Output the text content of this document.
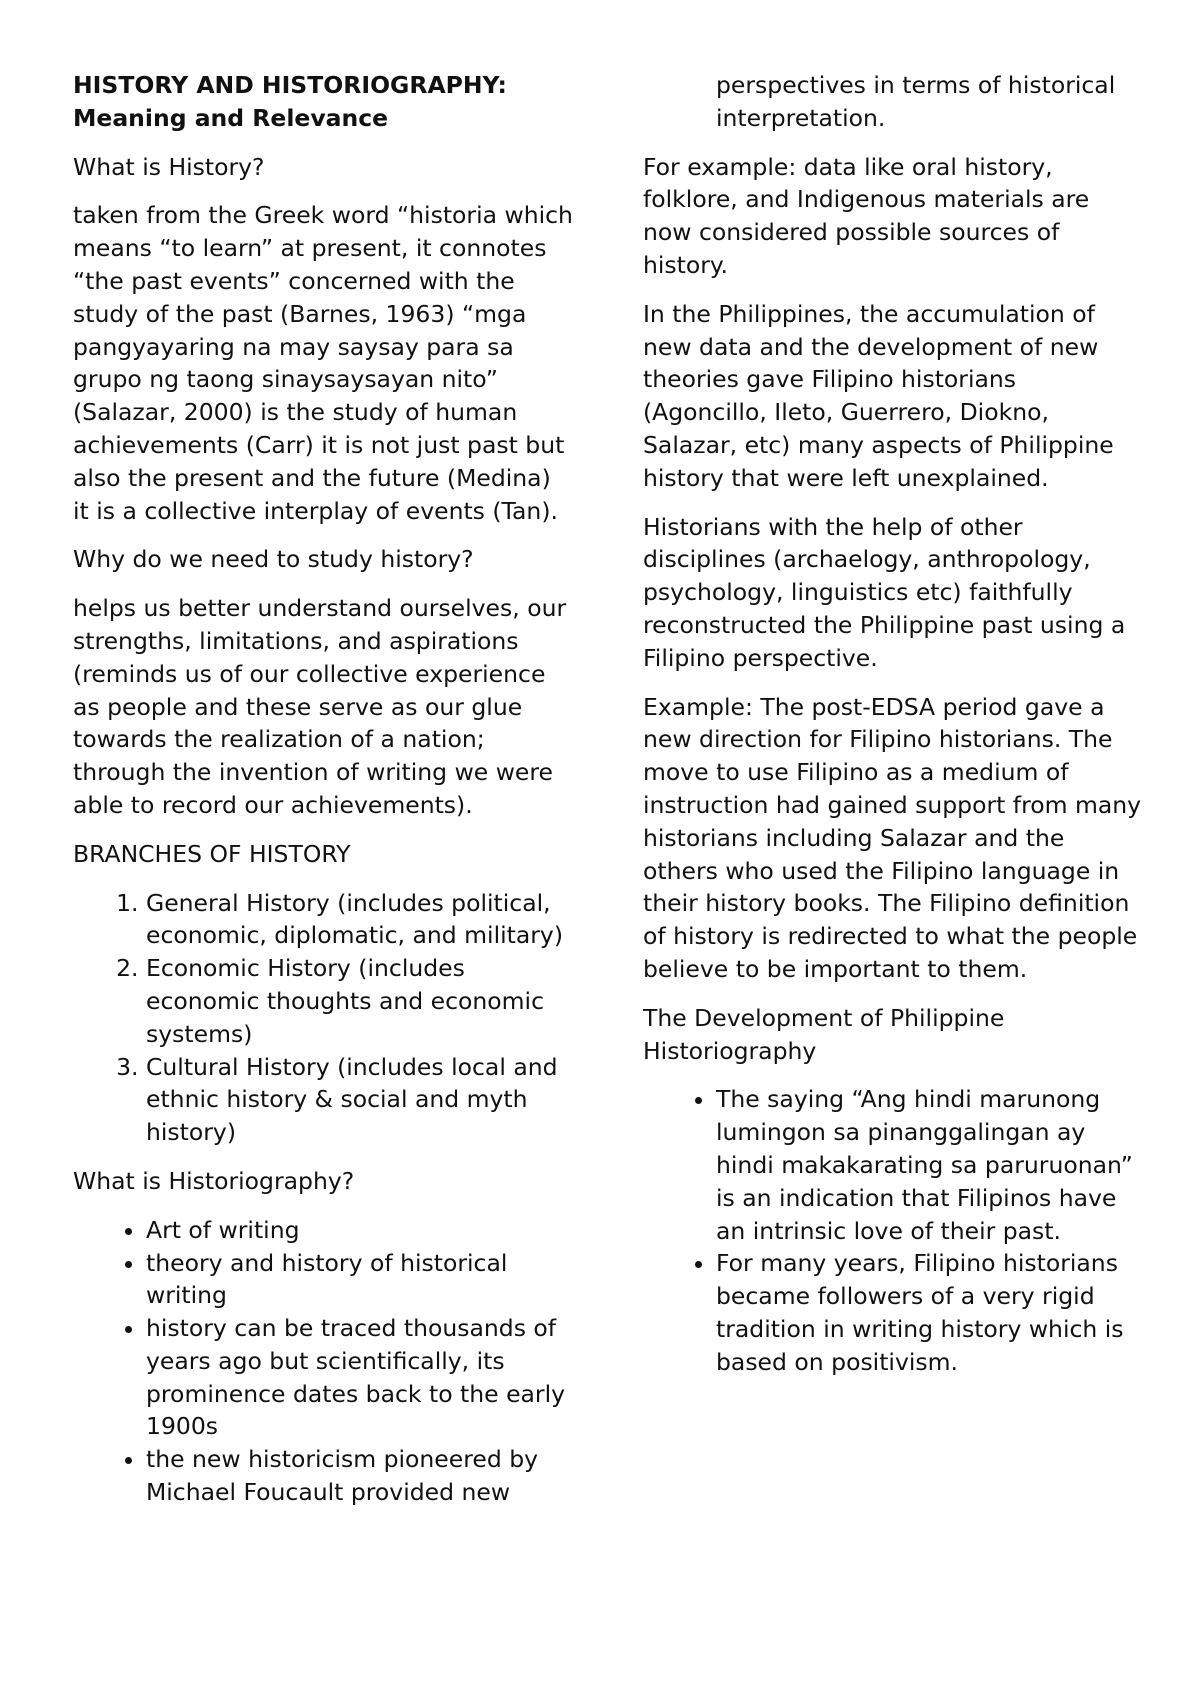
HISTORY AND HISTORIOGRAPHY:
Meaning and Relevance

What is History?

taken from the Greek word “historia which means “to learn” at present, it connotes “the past events” concerned with the study of the past (Barnes, 1963) “mga pangyayaring na may saysay para sa grupo ng taong sinaysaysayan nito” (Salazar, 2000) is the study of human achievements (Carr) it is not just past but also the present and the future (Medina) it is a collective interplay of events (Tan).

Why do we need to study history?

helps us better understand ourselves, our strengths, limitations, and aspirations (reminds us of our collective experience as people and these serve as our glue towards the realization of a nation; through the invention of writing we were able to record our achievements).

BRANCHES OF HISTORY

1. General History (includes political, economic, diplomatic, and military)
2. Economic History (includes economic thoughts and economic systems)
3. Cultural History (includes local and ethnic history & social and myth history)

What is Historiography?

• Art of writing
• theory and history of historical writing
• history can be traced thousands of years ago but scientifically, its prominence dates back to the early 1900s
• the new historicism pioneered by Michael Foucault provided new

perspectives in terms of historical interpretation.

For example: data like oral history, folklore, and Indigenous materials are now considered possible sources of history.

In the Philippines, the accumulation of new data and the development of new theories gave Filipino historians (Agoncillo, Ileto, Guerrero, Diokno, Salazar, etc) many aspects of Philippine history that were left unexplained.

Historians with the help of other disciplines (archaelogy, anthropology, psychology, linguistics etc) faithfully reconstructed the Philippine past using a Filipino perspective.

Example: The post-EDSA period gave a new direction for Filipino historians. The move to use Filipino as a medium of instruction had gained support from many historians including Salazar and the others who used the Filipino language in their history books. The Filipino definition of history is redirected to what the people believe to be important to them.

The Development of Philippine Historiography

• The saying “Ang hindi marunong lumingon sa pinanggalingan ay hindi makakarating sa paruruonan” is an indication that Filipinos have an intrinsic love of their past.
• For many years, Filipino historians became followers of a very rigid tradition in writing history which is based on positivism.
